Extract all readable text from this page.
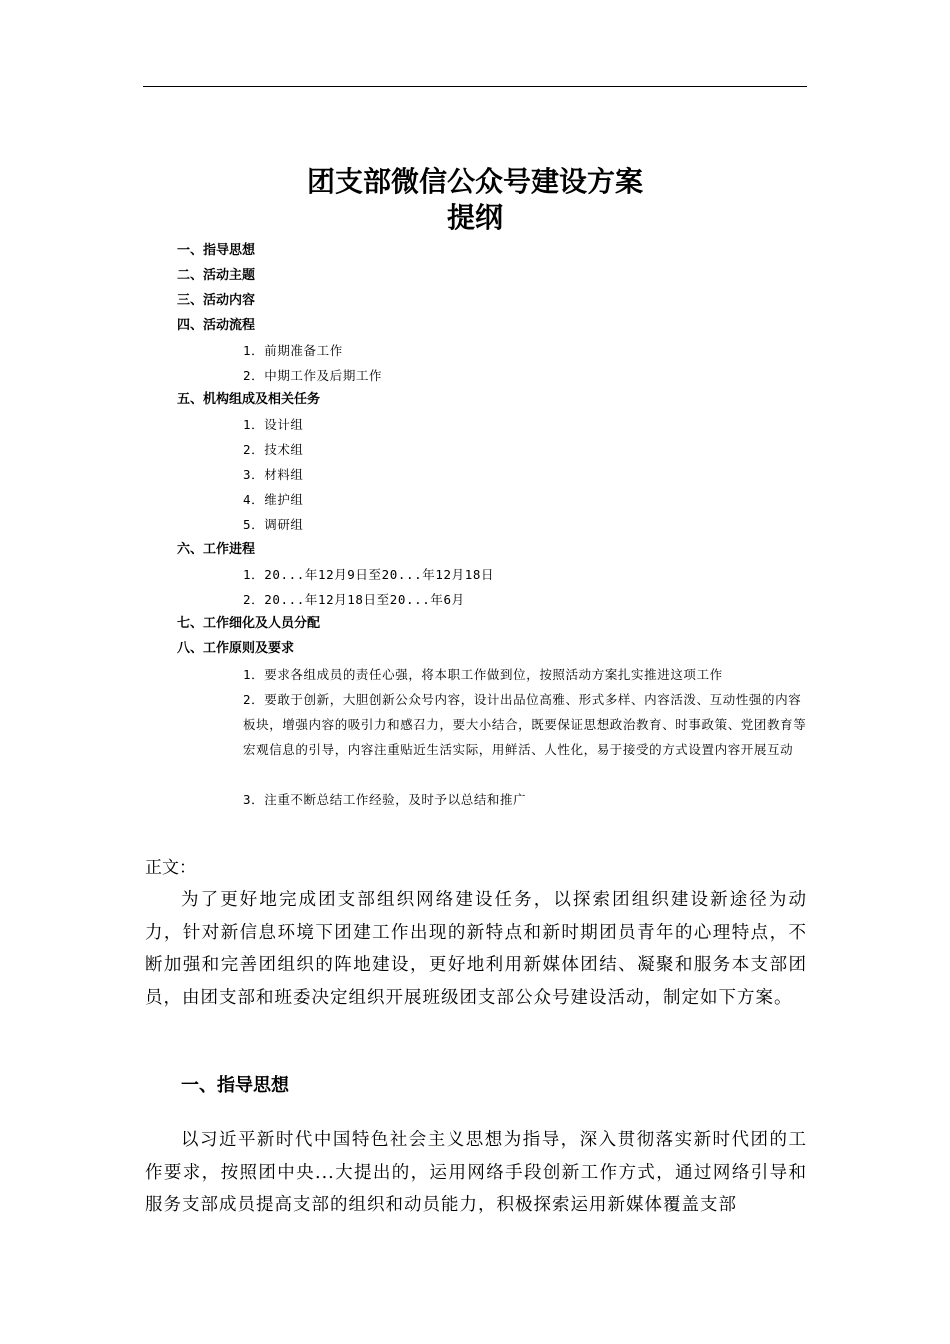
团支部微信公众号建设方案
提纲
一、指导思想
二、活动主题
三、活动内容
四、活动流程
1．前期准备工作
2．中期工作及后期工作
五、机构组成及相关任务
1．设计组
2．技术组
3．材料组
4．维护组
5．调研组
六、工作进程
1．20...年12月9日至20...年12月18日
2．20...年12月18日至20...年6月
七、工作细化及人员分配
八、工作原则及要求
1．要求各组成员的责任心强，将本职工作做到位，按照活动方案扎实推进这项工作
2．要敢于创新，大胆创新公众号内容，设计出品位高雅、形式多样、内容活泼、互动性强的内容板块，增强内容的吸引力和感召力，要大小结合，既要保证思想政治教育、时事政策、党团教育等宏观信息的引导，内容注重贴近生活实际，用鲜活、人性化，易于接受的方式设置内容开展互动
3．注重不断总结工作经验，及时予以总结和推广
正文：
为了更好地完成团支部组织网络建设任务，以探索团组织建设新途径为动力，针对新信息环境下团建工作出现的新特点和新时期团员青年的心理特点，不断加强和完善团组织的阵地建设，更好地利用新媒体团结、凝聚和服务本支部团员，由团支部和班委决定组织开展班级团支部公众号建设活动，制定如下方案。
一、指导思想
以习近平新时代中国特色社会主义思想为指导，深入贯彻落实新时代团的工作要求，按照团中央...大提出的，运用网络手段创新工作方式，通过网络引导和服务支部成员提高支部的组织和动员能力，积极探索运用新媒体覆盖支部
